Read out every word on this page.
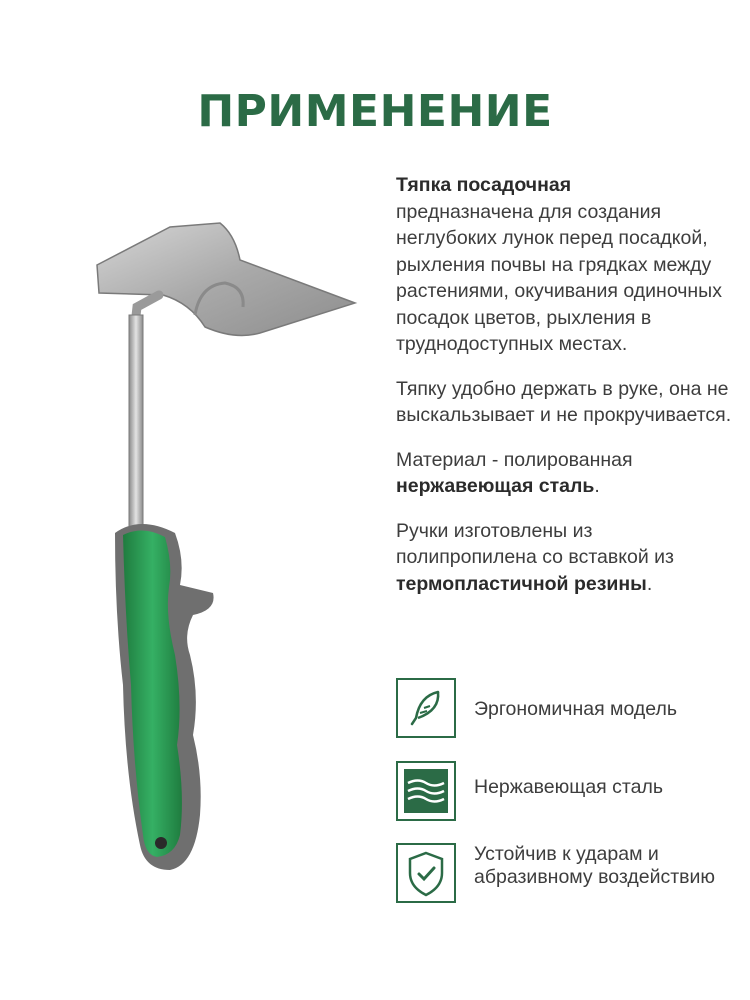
ПРИМЕНЕНИЕ

Тяпка посадочная
предназначена для создания неглубоких лунок перед посадкой, рыхления почвы на грядках между растениями, окучивания одиночных посадок цветов, рыхления в труднодоступных местах.

Тяпку удобно держать в руке, она не выскальзывает и не прокручивается.

Материал - полированная
нержавеющая сталь.

Ручки изготовлены из полипропилена со вставкой из термопластичной резины.

Эргономичная модель
Нержавеющая сталь
Устойчив к ударам и абразивному воздействию
